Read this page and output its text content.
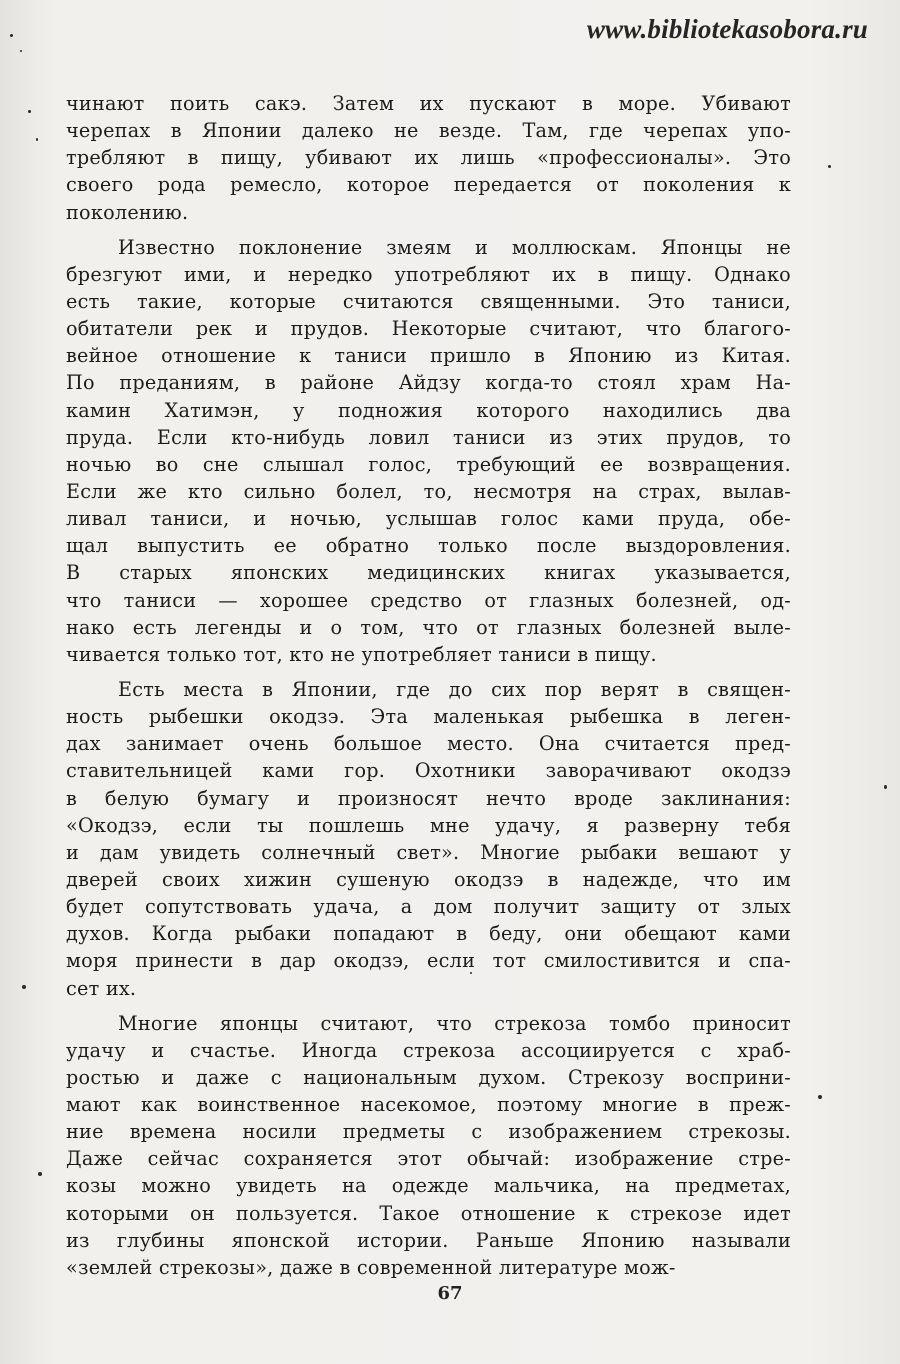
www.bibliotekasobora.ru
чинают поить сакэ. Затем их пускают в море. Убивают
черепах в Японии далеко не везде. Там, где черепах упо-
требляют в пищу, убивают их лишь «профессионалы». Это
своего рода ремесло, которое передается от поколения к
поколению.
Известно поклонение змеям и моллюскам. Японцы не
брезгуют ими, и нередко употребляют их в пищу. Однако
есть такие, которые считаются священными. Это таниси,
обитатели рек и прудов. Некоторые считают, что благого-
вейное отношение к таниси пришло в Японию из Китая.
По преданиям, в районе Айдзу когда-то стоял храм На-
камин Хатимэн, у подножия которого находились два
пруда. Если кто-нибудь ловил таниси из этих прудов, то
ночью во сне слышал голос, требующий ее возвращения.
Если же кто сильно болел, то, несмотря на страх, вылав-
ливал таниси, и ночью, услышав голос ками пруда, обе-
щал выпустить ее обратно только после выздоровления.
В старых японских медицинских книгах указывается,
что таниси — хорошее средство от глазных болезней, од-
нако есть легенды и о том, что от глазных болезней выле-
чивается только тот, кто не употребляет таниси в пищу.
Есть места в Японии, где до сих пор верят в священ-
ность рыбешки окодзэ. Эта маленькая рыбешка в леген-
дах занимает очень большое место. Она считается пред-
ставительницей ками гор. Охотники заворачивают окодзэ
в белую бумагу и произносят нечто вроде заклинания:
«Окодзэ, если ты пошлешь мне удачу, я разверну тебя
и дам увидеть солнечный свет». Многие рыбаки вешают у
дверей своих хижин сушеную окодзэ в надежде, что им
будет сопутствовать удача, а дом получит защиту от злых
духов. Когда рыбаки попадают в беду, они обещают ками
моря принести в дар окодзэ, если тот смилостивится и спа-
сет их.
Многие японцы считают, что стрекоза томбо приносит
удачу и счастье. Иногда стрекоза ассоциируется с храб-
ростью и даже с национальным духом. Стрекозу восприни-
мают как воинственное насекомое, поэтому многие в преж-
ние времена носили предметы с изображением стрекозы.
Даже сейчас сохраняется этот обычай: изображение стре-
козы можно увидеть на одежде мальчика, на предметах,
которыми он пользуется. Такое отношение к стрекозе идет
из глубины японской истории. Раньше Японию называли
«землей стрекозы», даже в современной литературе мож-
67
